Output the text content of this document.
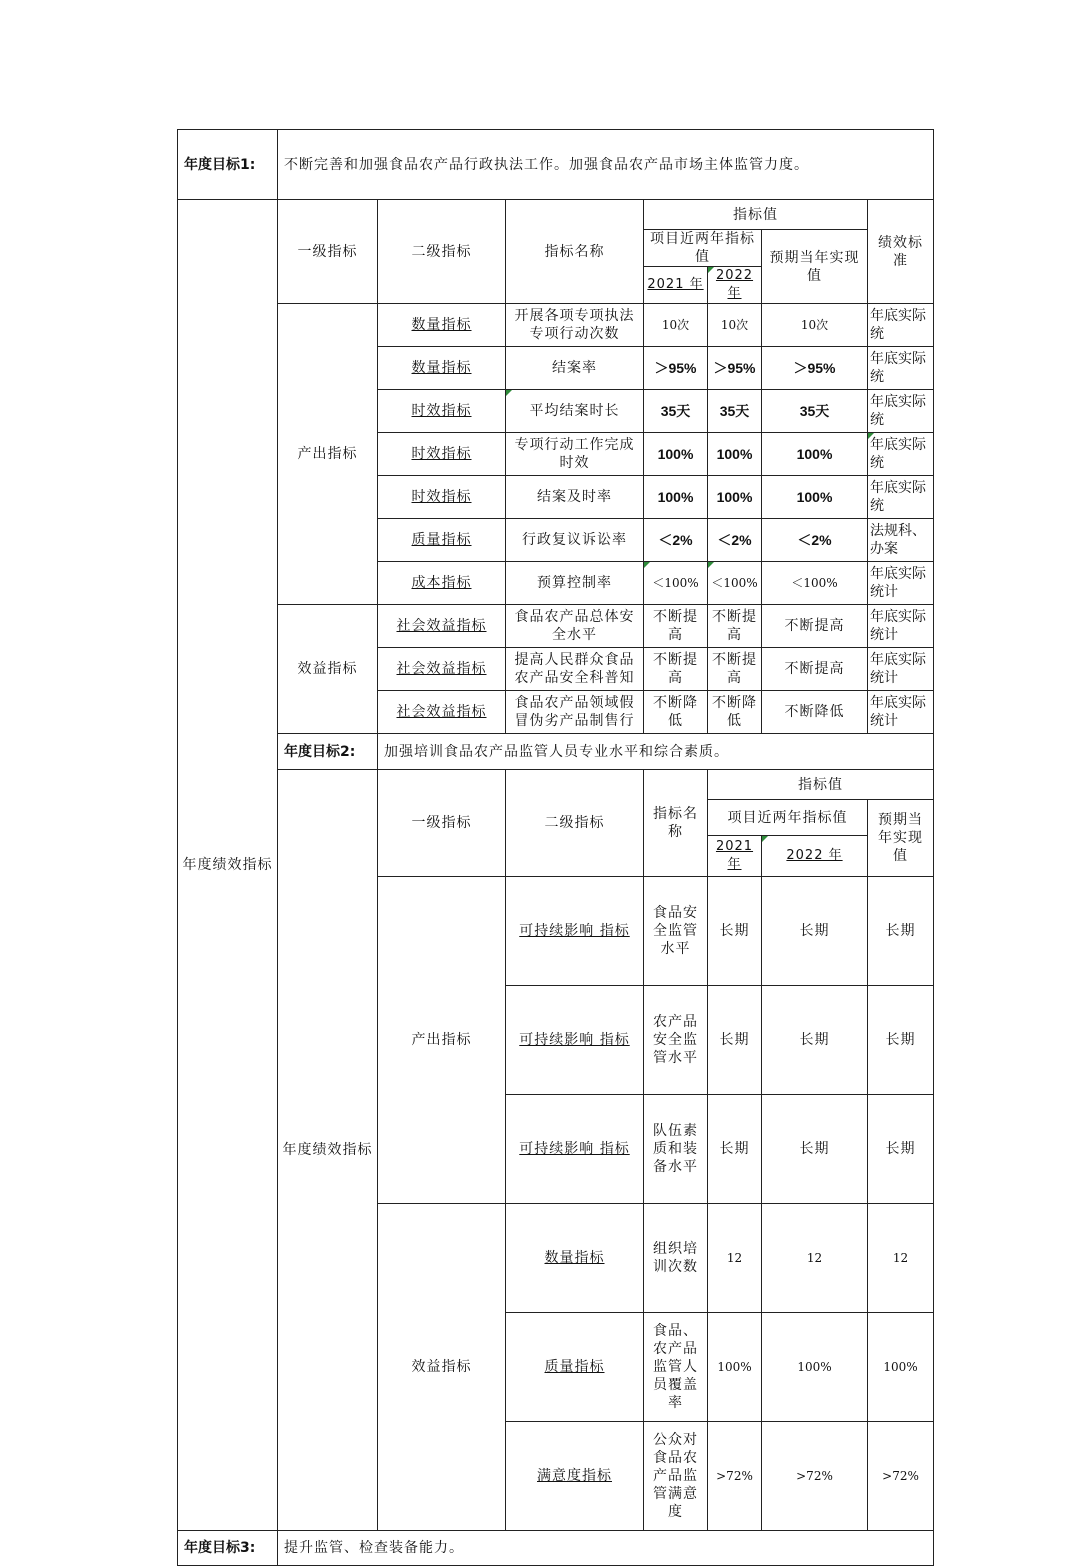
年度目标1:	不断完善和加强食品农产品行政执法工作。加强食品农产品市场主体监管力度。							
年度绩效指标	一级指标	二级指标	指标名称	指标值			绩效标准	
				项目近两年指标值		预期当年实现值		
				2021 年	2022 年			
	产出指标	数量指标	开展各项专项执法专项行动次数	10次	10次	10次	年底实际统	
		数量指标	结案率	＞95%	＞95%	＞95%	年底实际统	
		时效指标	平均结案时长	35天	35天	35天	年底实际统	
		时效指标	专项行动工作完成时效	100%	100%	100%	年底实际统	
		时效指标	结案及时率	100%	100%	100%	年底实际统	
		质量指标	行政复议诉讼率	＜2%	＜2%	＜2%	法规科、办案	
		成本指标	预算控制率	＜100%	＜100%	＜100%	年底实际统计	
	效益指标	社会效益指标	食品农产品总体安全水平	不断提高	不断提高	不断提高	年底实际统计	
		社会效益指标	提高人民群众食品农产品安全科普知	不断提高	不断提高	不断提高	年底实际统计	
		社会效益指标	食品农产品领域假冒伪劣产品制售行	不断降低	不断降低	不断降低	年底实际统计	
	年度目标2:	加强培训食品农产品监管人员专业水平和综合素质。						
	年度绩效指标	一级指标	二级指标	指标名称	指标值	
					项目近两年指标值		预期当年实现值	
					2021 年	2022 年		
		产出指标	可持续影响 指标	食品安全监管水平	长期	长期	长期	
			可持续影响 指标	农产品安全监管水平	长期	长期	长期	
			可持续影响 指标	队伍素质和装备水平	长期	长期	长期	
		效益指标	数量指标	组织培训次数	12	12	12	
			质量指标	食品、农产品监管人员覆盖率	100%	100%	100%	
			满意度指标	公众对食品农产品监管满意度	>72%	>72%	>72%	
年度目标3:	提升监管、检查装备能力。							
